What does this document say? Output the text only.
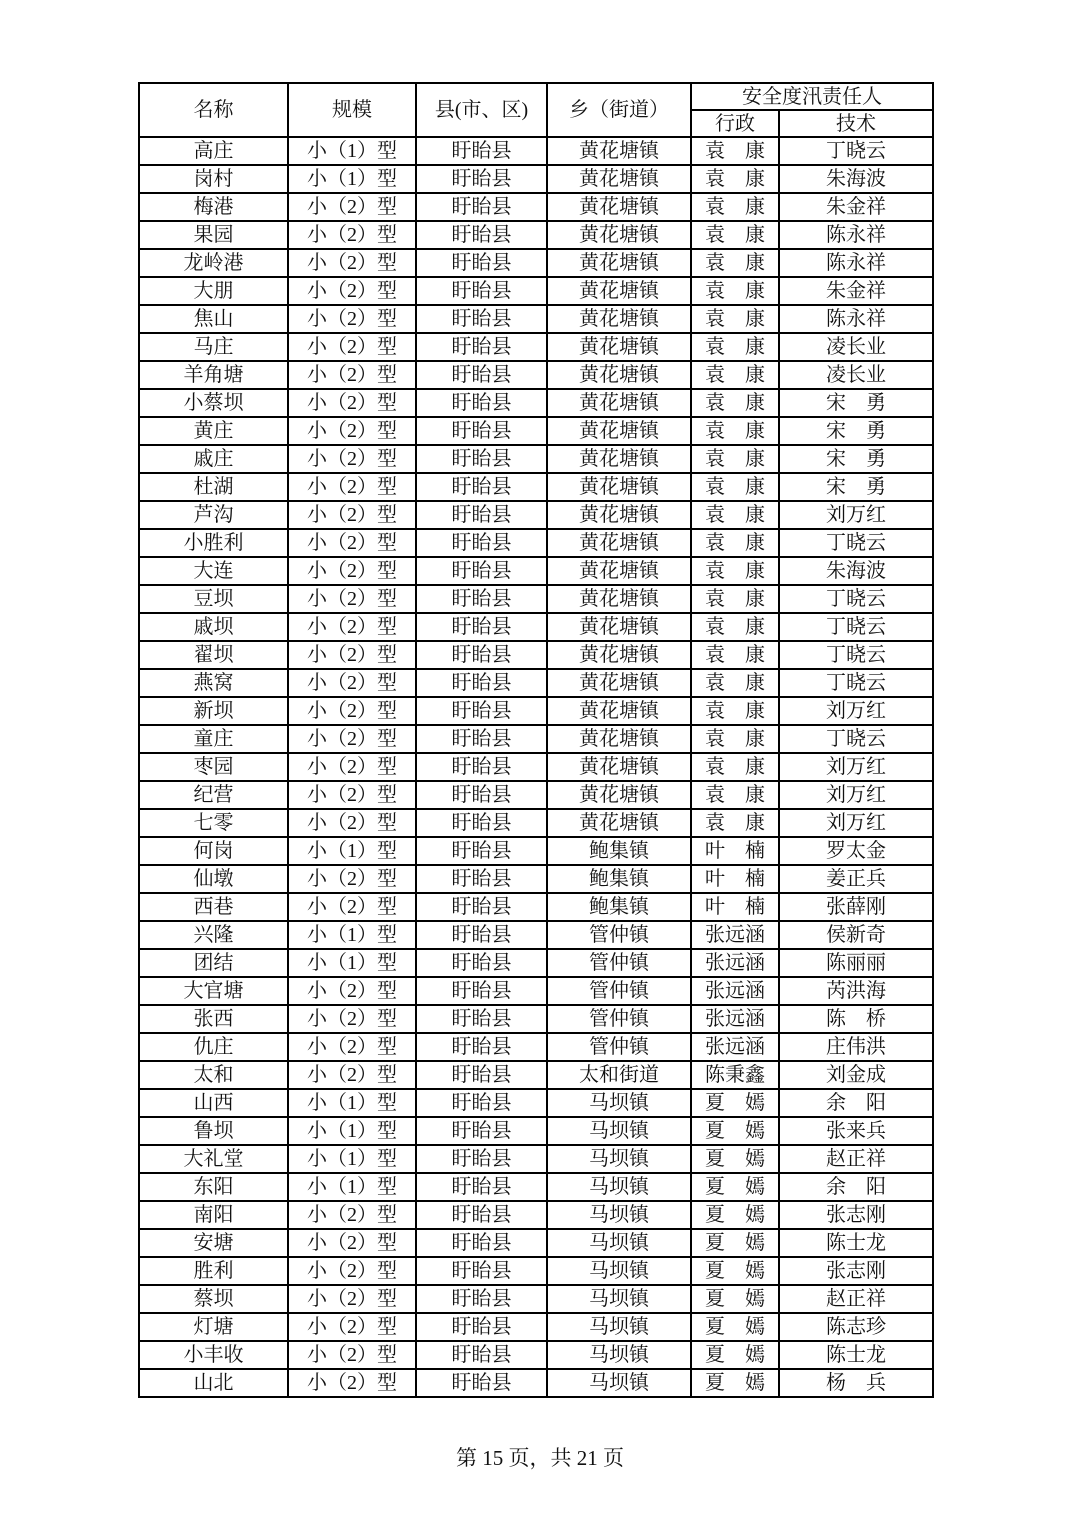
名称	规模	县(市、区)	乡（街道）	安全度汛责任人	
				行政	技术
高庄	小（1）型	盱眙县	黄花塘镇	袁　康	丁晓云
岗村	小（1）型	盱眙县	黄花塘镇	袁　康	朱海波
梅港	小（2）型	盱眙县	黄花塘镇	袁　康	朱金祥
果园	小（2）型	盱眙县	黄花塘镇	袁　康	陈永祥
龙岭港	小（2）型	盱眙县	黄花塘镇	袁　康	陈永祥
大朋	小（2）型	盱眙县	黄花塘镇	袁　康	朱金祥
焦山	小（2）型	盱眙县	黄花塘镇	袁　康	陈永祥
马庄	小（2）型	盱眙县	黄花塘镇	袁　康	凌长业
羊角塘	小（2）型	盱眙县	黄花塘镇	袁　康	凌长业
小蔡坝	小（2）型	盱眙县	黄花塘镇	袁　康	宋　勇
黄庄	小（2）型	盱眙县	黄花塘镇	袁　康	宋　勇
戚庄	小（2）型	盱眙县	黄花塘镇	袁　康	宋　勇
杜湖	小（2）型	盱眙县	黄花塘镇	袁　康	宋　勇
芦沟	小（2）型	盱眙县	黄花塘镇	袁　康	刘万红
小胜利	小（2）型	盱眙县	黄花塘镇	袁　康	丁晓云
大连	小（2）型	盱眙县	黄花塘镇	袁　康	朱海波
豆坝	小（2）型	盱眙县	黄花塘镇	袁　康	丁晓云
戚坝	小（2）型	盱眙县	黄花塘镇	袁　康	丁晓云
翟坝	小（2）型	盱眙县	黄花塘镇	袁　康	丁晓云
燕窝	小（2）型	盱眙县	黄花塘镇	袁　康	丁晓云
新坝	小（2）型	盱眙县	黄花塘镇	袁　康	刘万红
童庄	小（2）型	盱眙县	黄花塘镇	袁　康	丁晓云
枣园	小（2）型	盱眙县	黄花塘镇	袁　康	刘万红
纪营	小（2）型	盱眙县	黄花塘镇	袁　康	刘万红
七零	小（2）型	盱眙县	黄花塘镇	袁　康	刘万红
何岗	小（1）型	盱眙县	鲍集镇	叶　楠	罗太金
仙墩	小（2）型	盱眙县	鲍集镇	叶　楠	姜正兵
西巷	小（2）型	盱眙县	鲍集镇	叶　楠	张薛刚
兴隆	小（1）型	盱眙县	管仲镇	张远涵	侯新奇
团结	小（1）型	盱眙县	管仲镇	张远涵	陈丽丽
大官塘	小（2）型	盱眙县	管仲镇	张远涵	芮洪海
张西	小（2）型	盱眙县	管仲镇	张远涵	陈　桥
仇庄	小（2）型	盱眙县	管仲镇	张远涵	庄伟洪
太和	小（2）型	盱眙县	太和街道	陈秉鑫	刘金成
山西	小（1）型	盱眙县	马坝镇	夏　嫣	余　阳
鲁坝	小（1）型	盱眙县	马坝镇	夏　嫣	张来兵
大礼堂	小（1）型	盱眙县	马坝镇	夏　嫣	赵正祥
东阳	小（1）型	盱眙县	马坝镇	夏　嫣	余　阳
南阳	小（2）型	盱眙县	马坝镇	夏　嫣	张志刚
安塘	小（2）型	盱眙县	马坝镇	夏　嫣	陈士龙
胜利	小（2）型	盱眙县	马坝镇	夏　嫣	张志刚
蔡坝	小（2）型	盱眙县	马坝镇	夏　嫣	赵正祥
灯塘	小（2）型	盱眙县	马坝镇	夏　嫣	陈志珍
小丰收	小（2）型	盱眙县	马坝镇	夏　嫣	陈士龙
山北	小（2）型	盱眙县	马坝镇	夏　嫣	杨　兵
第 15 页，共 21 页
